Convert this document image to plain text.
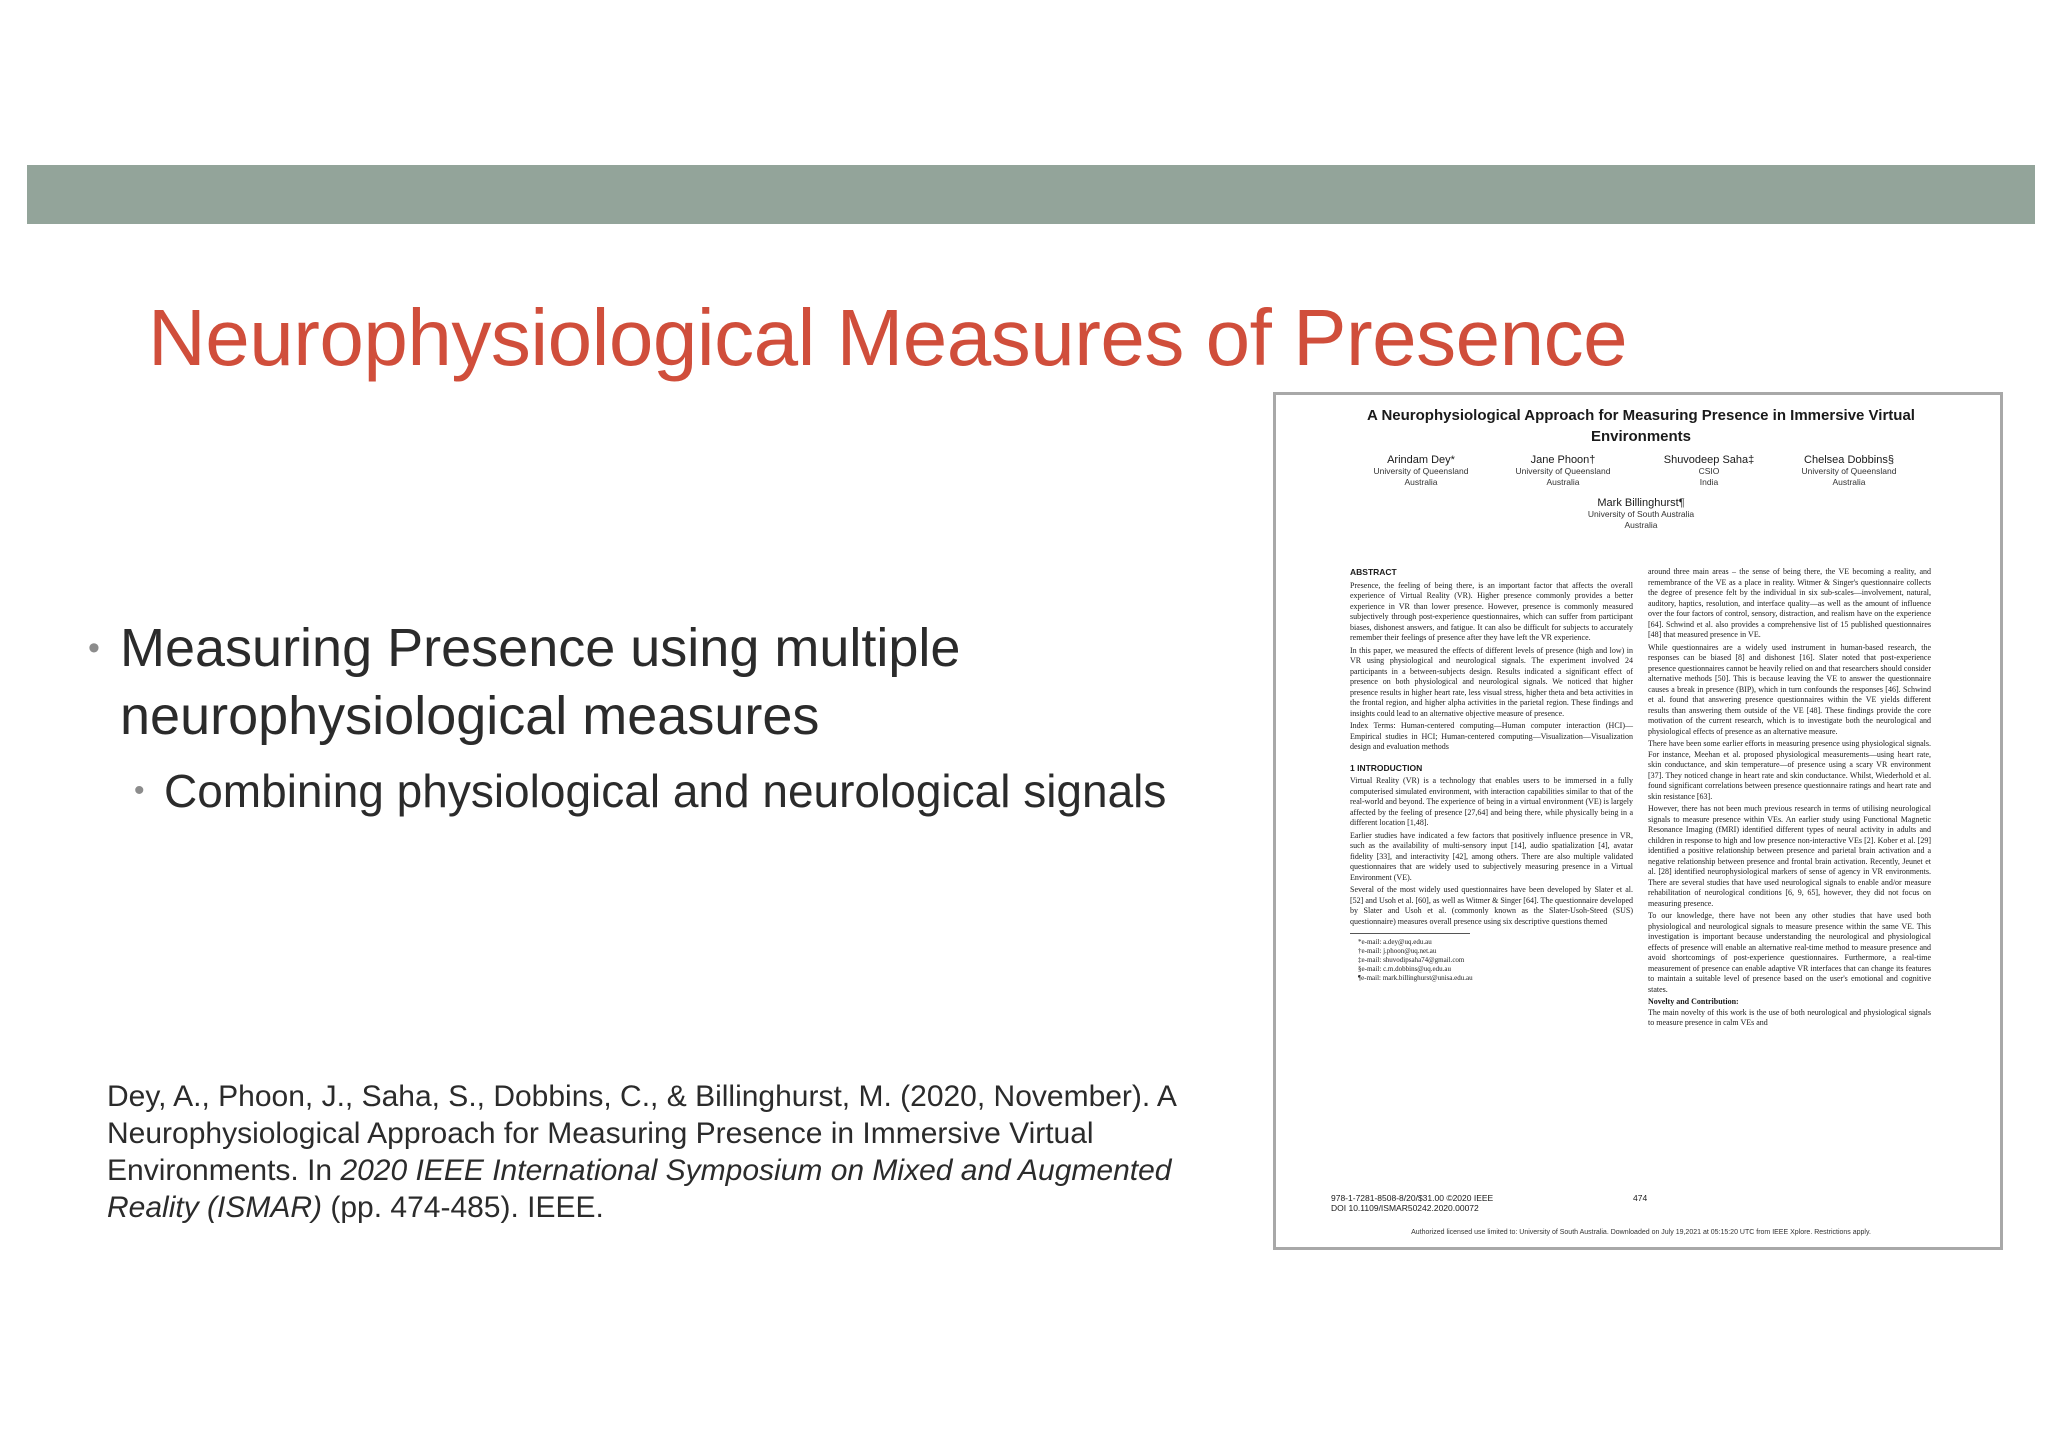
Neurophysiological Measures of Presence
• Measuring Presence using multiple neurophysiological measures
• Combining physiological and neurological signals
Dey, A., Phoon, J., Saha, S., Dobbins, C., & Billinghurst, M. (2020, November). A Neurophysiological Approach for Measuring Presence in Immersive Virtual Environments. In 2020 IEEE International Symposium on Mixed and Augmented Reality (ISMAR) (pp. 474-485). IEEE.
A Neurophysiological Approach for Measuring Presence in Immersive Virtual Environments
Arindam Dey*
University of Queensland
Australia
Jane Phoon†
University of Queensland
Australia
Shuvodeep Saha‡
CSIO
India
Chelsea Dobbins§
University of Queensland
Australia
Mark Billinghurst¶
University of South Australia
Australia
ABSTRACT

Presence, the feeling of being there, is an important factor that affects the overall experience of Virtual Reality (VR). Higher presence commonly provides a better experience in VR than lower presence. However, presence is commonly measured subjectively through post-experience questionnaires, which can suffer from participant biases, dishonest answers, and fatigue. It can also be difficult for subjects to accurately remember their feelings of presence after they have left the VR experience.

In this paper, we measured the effects of different levels of presence (high and low) in VR using physiological and neurological signals. The experiment involved 24 participants in a between-subjects design. Results indicated a significant effect of presence on both physiological and neurological signals. We noticed that higher presence results in higher heart rate, less visual stress, higher theta and beta activities in the frontal region, and higher alpha activities in the parietal region. These findings and insights could lead to an alternative objective measure of presence.

Index Terms: Human-centered computing—Human computer interaction (HCI)—Empirical studies in HCI; Human-centered computing—Visualization—Visualization design and evaluation methods

1 INTRODUCTION

Virtual Reality (VR) is a technology that enables users to be immersed in a fully computerised simulated environment, with interaction capabilities similar to that of the real-world and beyond. The experience of being in a virtual environment (VE) is largely affected by the feeling of presence [27,64] and being there, while physically being in a different location [1,48].

Earlier studies have indicated a few factors that positively influence presence in VR, such as the availability of multi-sensory input [14], audio spatialization [4], avatar fidelity [33], and interactivity [42], among others. There are also multiple validated questionnaires that are widely used to subjectively measuring presence in a Virtual Environment (VE).

Several of the most widely used questionnaires have been developed by Slater et al. [52] and Usoh et al. [60], as well as Witmer & Singer [64]. The questionnaire developed by Slater and Usoh et al. (commonly known as the Slater-Usoh-Steed (SUS) questionnaire) measures overall presence using six descriptive questions themed

*e-mail: a.dey@uq.edu.au
†e-mail: j.phoon@uq.net.au
‡e-mail: shuvodipsaha74@gmail.com
§e-mail: c.m.dobbins@uq.edu.au
¶e-mail: mark.billinghurst@unisa.edu.au

around three main areas – the sense of being there, the VE becoming a reality, and remembrance of the VE as a place in reality. Witmer & Singer's questionnaire collects the degree of presence felt by the individual in six sub-scales—involvement, natural, auditory, haptics, resolution, and interface quality—as well as the amount of influence over the four factors of control, sensory, distraction, and realism have on the experience [64]. Schwind et al. also provides a comprehensive list of 15 published questionnaires [48] that measured presence in VE.

While questionnaires are a widely used instrument in human-based research, the responses can be biased [8] and dishonest [16]. Slater noted that post-experience presence questionnaires cannot be heavily relied on and that researchers should consider alternative methods [50]. This is because leaving the VE to answer the questionnaire causes a break in presence (BIP), which in turn confounds the responses [46]. Schwind et al. found that answering presence questionnaires within the VE yields different results than answering them outside of the VE [48]. These findings provide the core motivation of the current research, which is to investigate both the neurological and physiological effects of presence as an alternative measure.

There have been some earlier efforts in measuring presence using physiological signals. For instance, Meehan et al. proposed physiological measurements—using heart rate, skin conductance, and skin temperature—of presence using a scary VR environment [37]. They noticed change in heart rate and skin conductance. Whilst, Wiederhold et al. found significant correlations between presence questionnaire ratings and heart rate and skin resistance [63].

However, there has not been much previous research in terms of utilising neurological signals to measure presence within VEs. An earlier study using Functional Magnetic Resonance Imaging (fMRI) identified different types of neural activity in adults and children in response to high and low presence non-interactive VEs [2]. Kober et al. [29] identified a positive relationship between presence and parietal brain activation and a negative relationship between presence and frontal brain activation. Recently, Jeunet et al. [28] identified neurophysiological markers of sense of agency in VR environments. There are several studies that have used neurological signals to enable and/or measure rehabilitation of neurological conditions [6, 9, 65], however, they did not focus on measuring presence.

To our knowledge, there have not been any other studies that have used both physiological and neurological signals to measure presence within the same VE. This investigation is important because understanding the neurological and physiological effects of presence will enable an alternative real-time method to measure presence and avoid shortcomings of post-experience questionnaires. Furthermore, a real-time measurement of presence can enable adaptive VR interfaces that can change its features to maintain a suitable level of presence based on the user's emotional and cognitive states.

Novelty and Contribution:

The main novelty of this work is the use of both neurological and physiological signals to measure presence in calm VEs and

978-1-7281-8508-8/20/$31.00 ©2020 IEEE
DOI 10.1109/ISMAR50242.2020.00072
474
Authorized licensed use limited to: University of South Australia. Downloaded on July 19,2021 at 05:15:20 UTC from IEEE Xplore. Restrictions apply.
